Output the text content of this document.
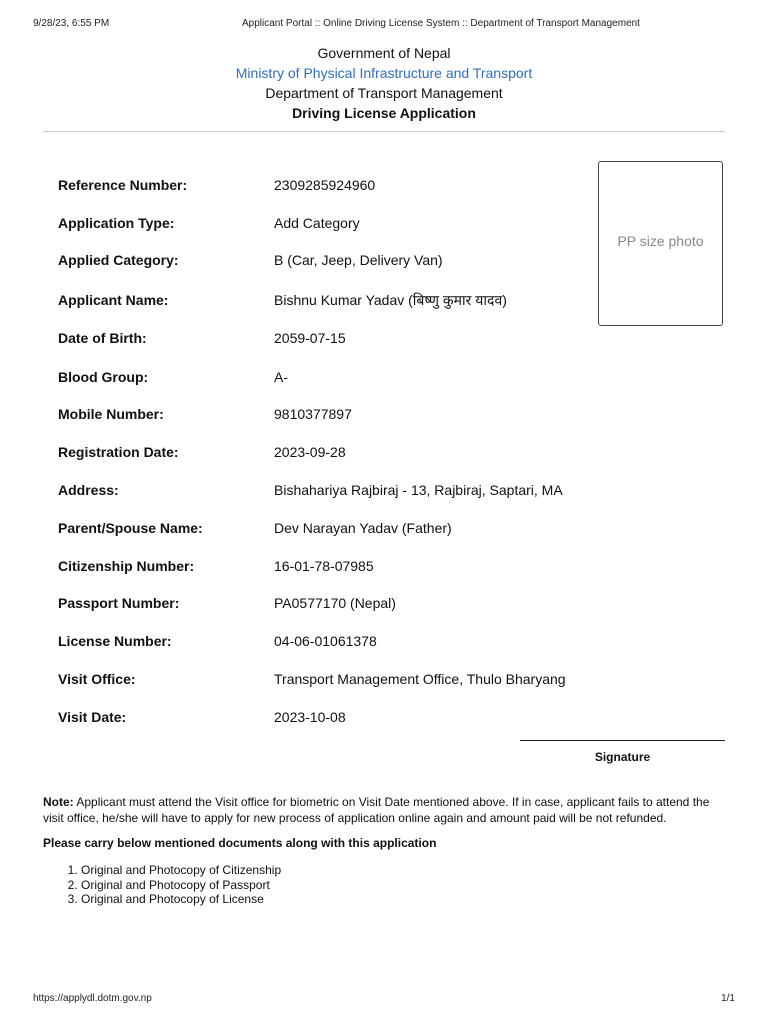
9/28/23, 6:55 PM	Applicant Portal :: Online Driving License System :: Department of Transport Management
Government of Nepal
Ministry of Physical Infrastructure and Transport
Department of Transport Management
Driving License Application
Reference Number:	2309285924960
Application Type:	Add Category
Applied Category:	B (Car, Jeep, Delivery Van)
Applicant Name:	Bishnu Kumar Yadav (बिष्णु कुमार यादव)
Date of Birth:	2059-07-15
Blood Group:	A-
Mobile Number:	9810377897
Registration Date:	2023-09-28
Address:	Bishahariya Rajbiraj - 13, Rajbiraj, Saptari, MA
Parent/Spouse Name:	Dev Narayan Yadav (Father)
Citizenship Number:	16-01-78-07985
Passport Number:	PA0577170 (Nepal)
License Number:	04-06-01061378
Visit Office:	Transport Management Office, Thulo Bharyang
Visit Date:	2023-10-08
PP size photo
Signature
Note: Applicant must attend the Visit office for biometric on Visit Date mentioned above. If in case, applicant fails to attend the visit office, he/she will have to apply for new process of application online again and amount paid will be not refunded.
Please carry below mentioned documents along with this application
1. Original and Photocopy of Citizenship
2. Original and Photocopy of Passport
3. Original and Photocopy of License
https://applydl.dotm.gov.np	1/1
